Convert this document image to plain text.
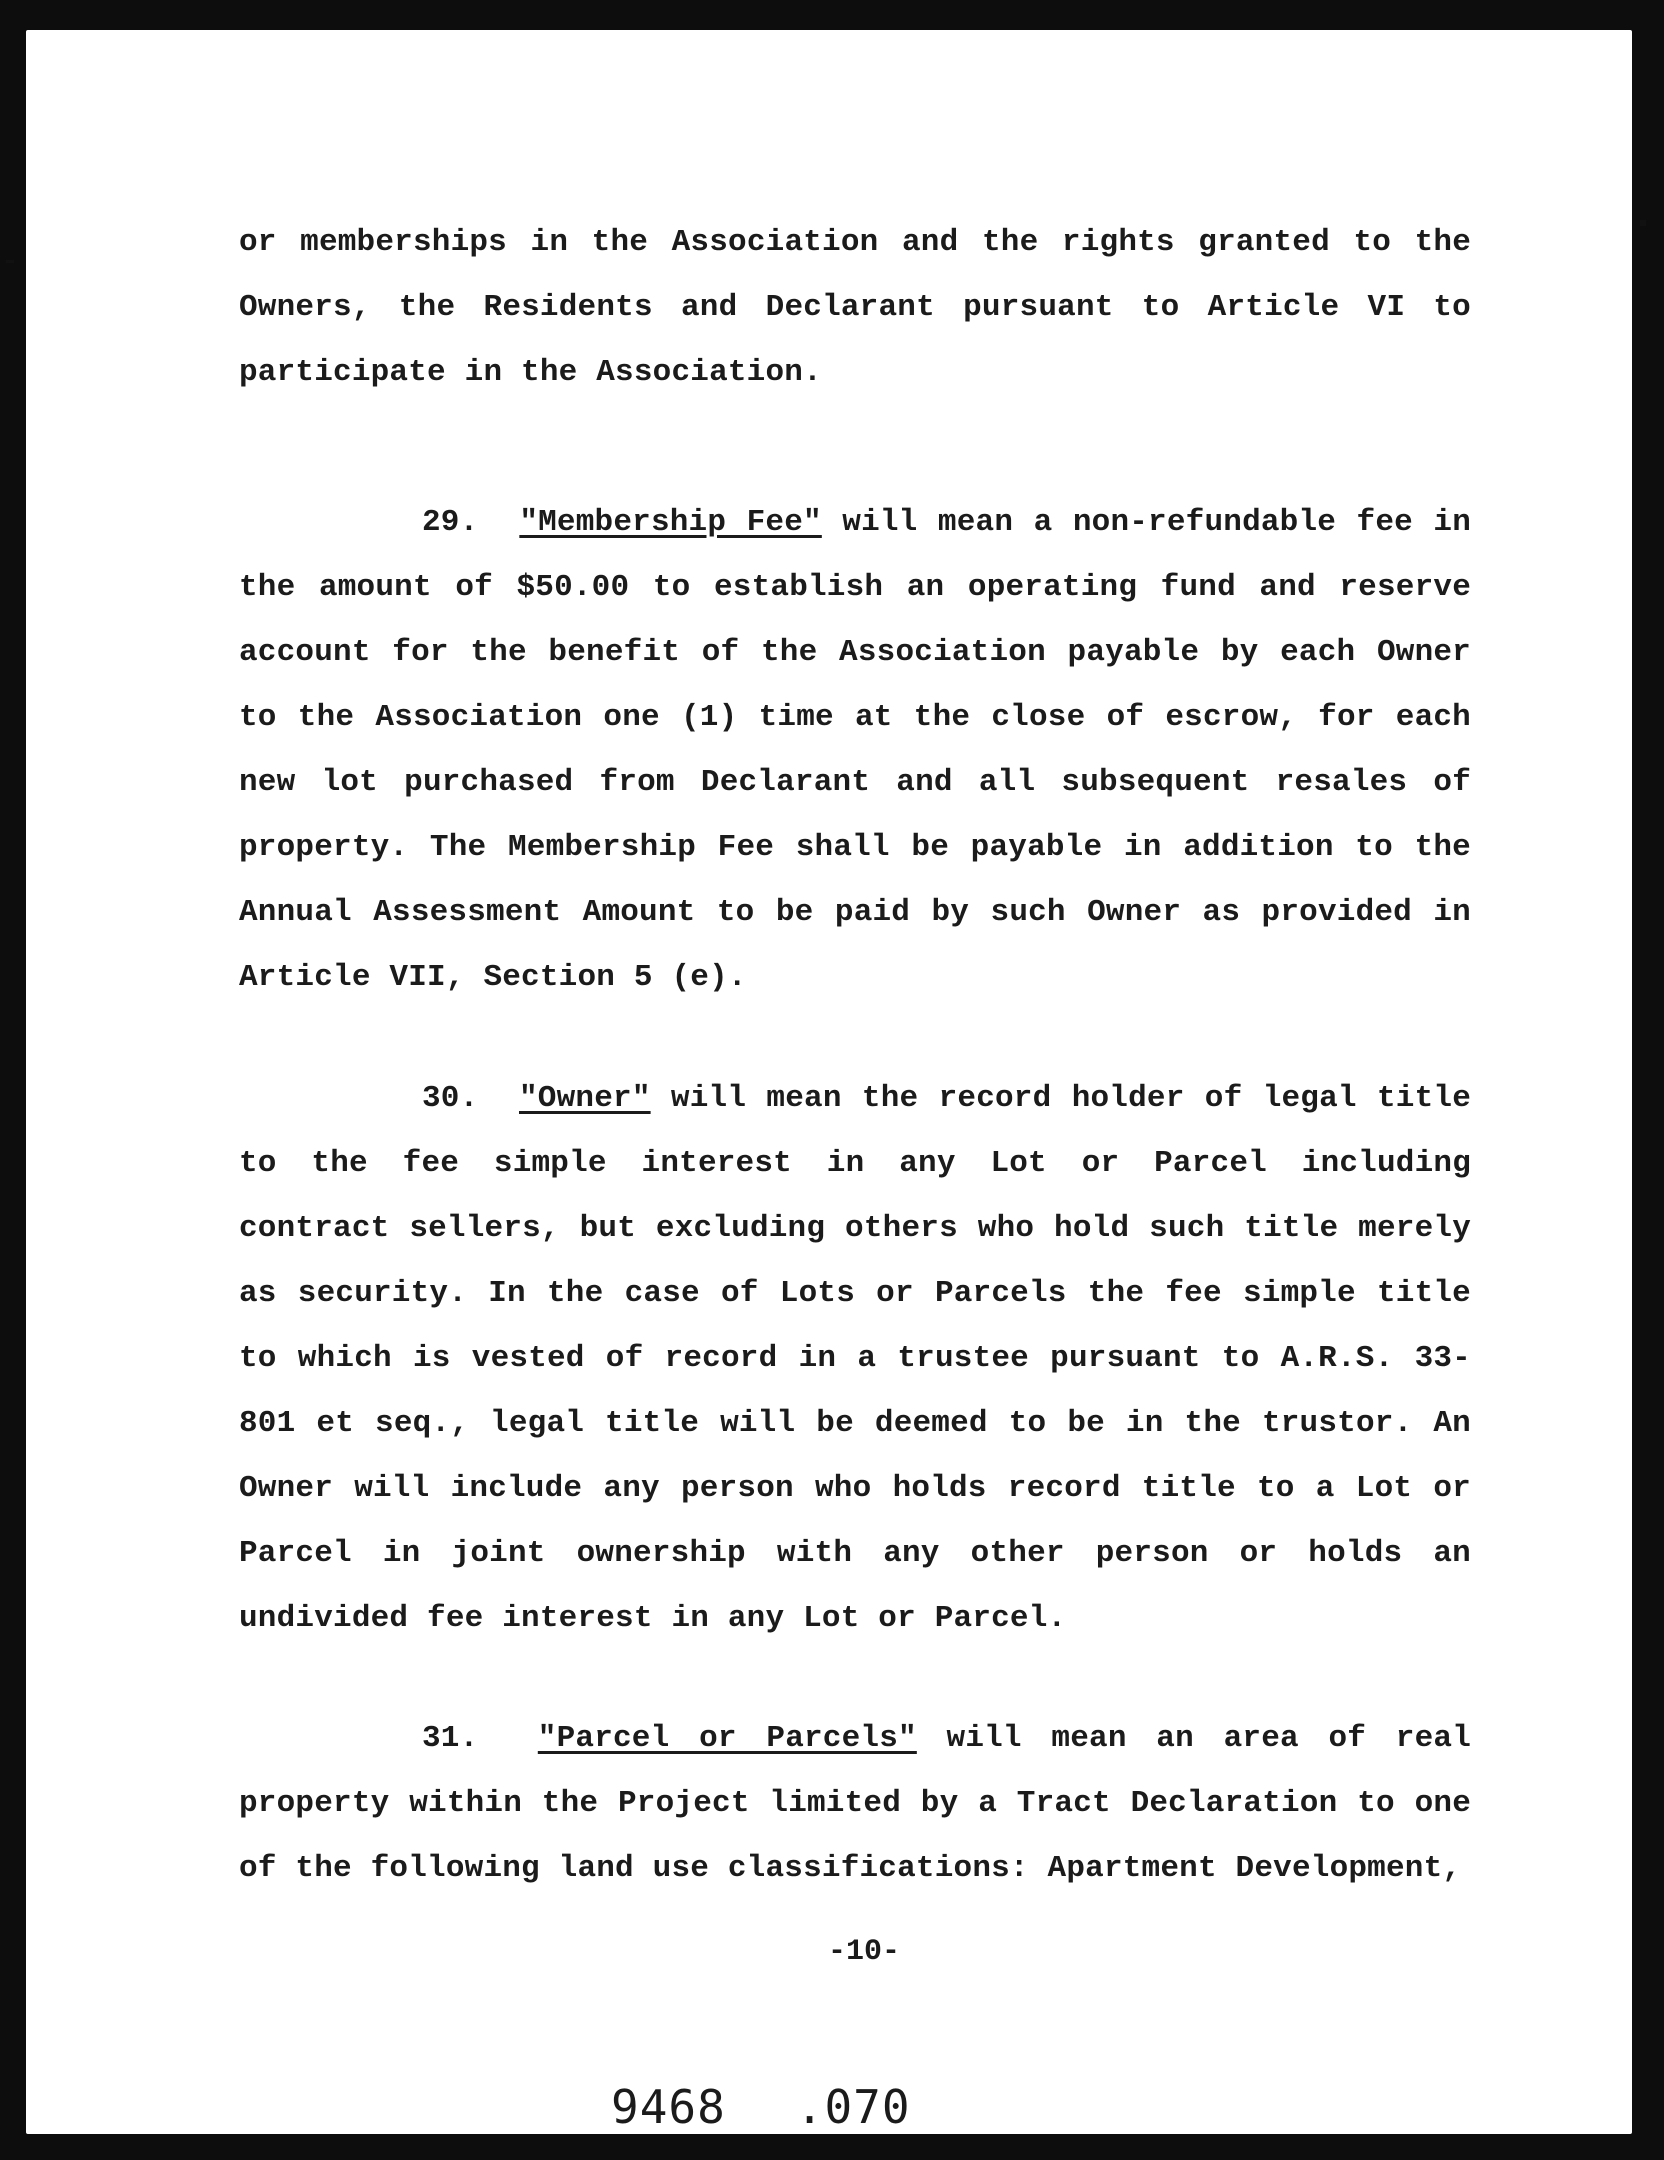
or memberships in the Association and the rights granted to the Owners, the Residents and Declarant pursuant to Article VI to participate in the Association.

29. "Membership Fee" will mean a non-refundable fee in the amount of $50.00 to establish an operating fund and reserve account for the benefit of the Association payable by each Owner to the Association one (1) time at the close of escrow, for each new lot purchased from Declarant and all subsequent resales of property. The Membership Fee shall be payable in addition to the Annual Assessment Amount to be paid by such Owner as provided in Article VII, Section 5 (e).

30. "Owner" will mean the record holder of legal title to the fee simple interest in any Lot or Parcel including contract sellers, but excluding others who hold such title merely as security. In the case of Lots or Parcels the fee simple title to which is vested of record in a trustee pursuant to A.R.S. 33-801 et seq., legal title will be deemed to be in the trustor. An Owner will include any person who holds record title to a Lot or Parcel in joint ownership with any other person or holds an undivided fee interest in any Lot or Parcel.

31. "Parcel or Parcels" will mean an area of real property within the Project limited by a Tract Declaration to one of the following land use classifications: Apartment Development,

-10-
9468 .070
